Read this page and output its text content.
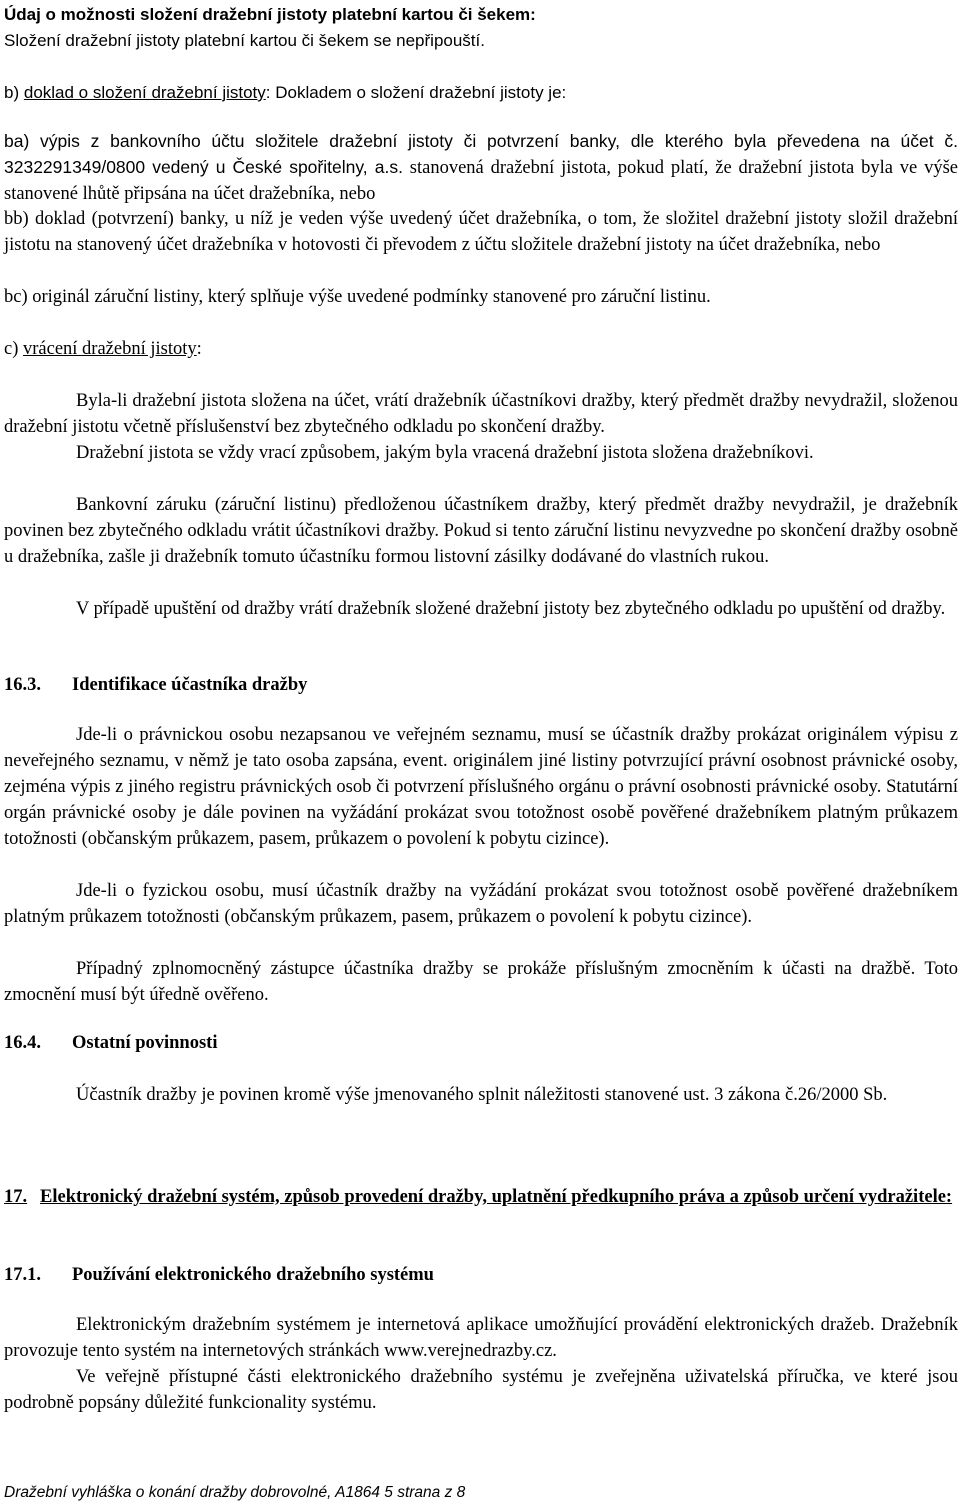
Údaj o možnosti složení dražební jistoty platební kartou či šekem:
Složení dražební jistoty platební kartou či šekem se nepřipouští.

b) doklad o složení dražební jistoty: Dokladem o složení dražební jistoty je:

ba) výpis z bankovního účtu složitele dražební jistoty či potvrzení banky, dle kterého byla převedena na účet č. 3232291349/0800 vedený u České spořitelny, a.s. stanovená dražební jistota, pokud platí, že dražební jistota byla ve výše stanovené lhůtě připsána na účet dražebníka, nebo

bb) doklad (potvrzení) banky, u níž je veden výše uvedený účet dražebníka, o tom, že složitel dražební jistoty složil dražební jistotu na stanovený účet dražebníka v hotovosti či převodem z účtu složitele dražební jistoty na účet dražebníka, nebo

bc) originál záruční listiny, který splňuje výše uvedené podmínky stanovené pro záruční listinu.

c) vrácení dražební jistoty:

Byla-li dražební jistota složena na účet, vrátí dražebník účastníkovi dražby, který předmět dražby nevydražil, složenou dražební jistotu včetně příslušenství bez zbytečného odkladu po skončení dražby.

Dražební jistota se vždy vrací způsobem, jakým byla vracená dražební jistota složena dražebníkovi.

Bankovní záruku (záruční listinu) předloženou účastníkem dražby, který předmět dražby nevydražil, je dražebník povinen bez zbytečného odkladu vrátit účastníkovi dražby. Pokud si tento záruční listinu nevyzvedne po skončení dražby osobně u dražebníka, zašle ji dražebník tomuto účastníku formou listovní zásilky dodávané do vlastních rukou.

V případě upuštění od dražby vrátí dražebník složené dražební jistoty bez zbytečného odkladu po upuštění od dražby.

16.3. Identifikace účastníka dražby

Jde-li o právnickou osobu nezapsanou ve veřejném seznamu, musí se účastník dražby prokázat originálem výpisu z neveřejného seznamu, v němž je tato osoba zapsána, event. originálem jiné listiny potvrzující právní osobnost právnické osoby, zejména výpis z jiného registru právnických osob či potvrzení příslušného orgánu o právní osobnosti právnické osoby. Statutární orgán právnické osoby je dále povinen na vyžádání prokázat svou totožnost osobě pověřené dražebníkem platným průkazem totožnosti (občanským průkazem, pasem, průkazem o povolení k pobytu cizince).

Jde-li o fyzickou osobu, musí účastník dražby na vyžádání prokázat svou totožnost osobě pověřené dražebníkem platným průkazem totožnosti (občanským průkazem, pasem, průkazem o povolení k pobytu cizince).

Případný zplnomocněný zástupce účastníka dražby se prokáže příslušným zmocněním k účasti na dražbě. Toto zmocnění musí být úředně ověřeno.

16.4. Ostatní povinnosti

Účastník dražby je povinen kromě výše jmenovaného splnit náležitosti stanovené ust. 3 zákona č.26/2000 Sb.

17. Elektronický dražební systém, způsob provedení dražby, uplatnění předkupního práva a způsob určení vydražitele:

17.1. Používání elektronického dražebního systému

Elektronickým dražebním systémem je internetová aplikace umožňující provádění elektronických dražeb. Dražebník provozuje tento systém na internetových stránkách www.verejnedrazby.cz.

Ve veřejně přístupné části elektronického dražebního systému je zveřejněna uživatelská příručka, ve které jsou podrobně popsány důležité funkcionality systému.

Dražební vyhláška o konání dražby dobrovolné, A1864 5 strana z 8
